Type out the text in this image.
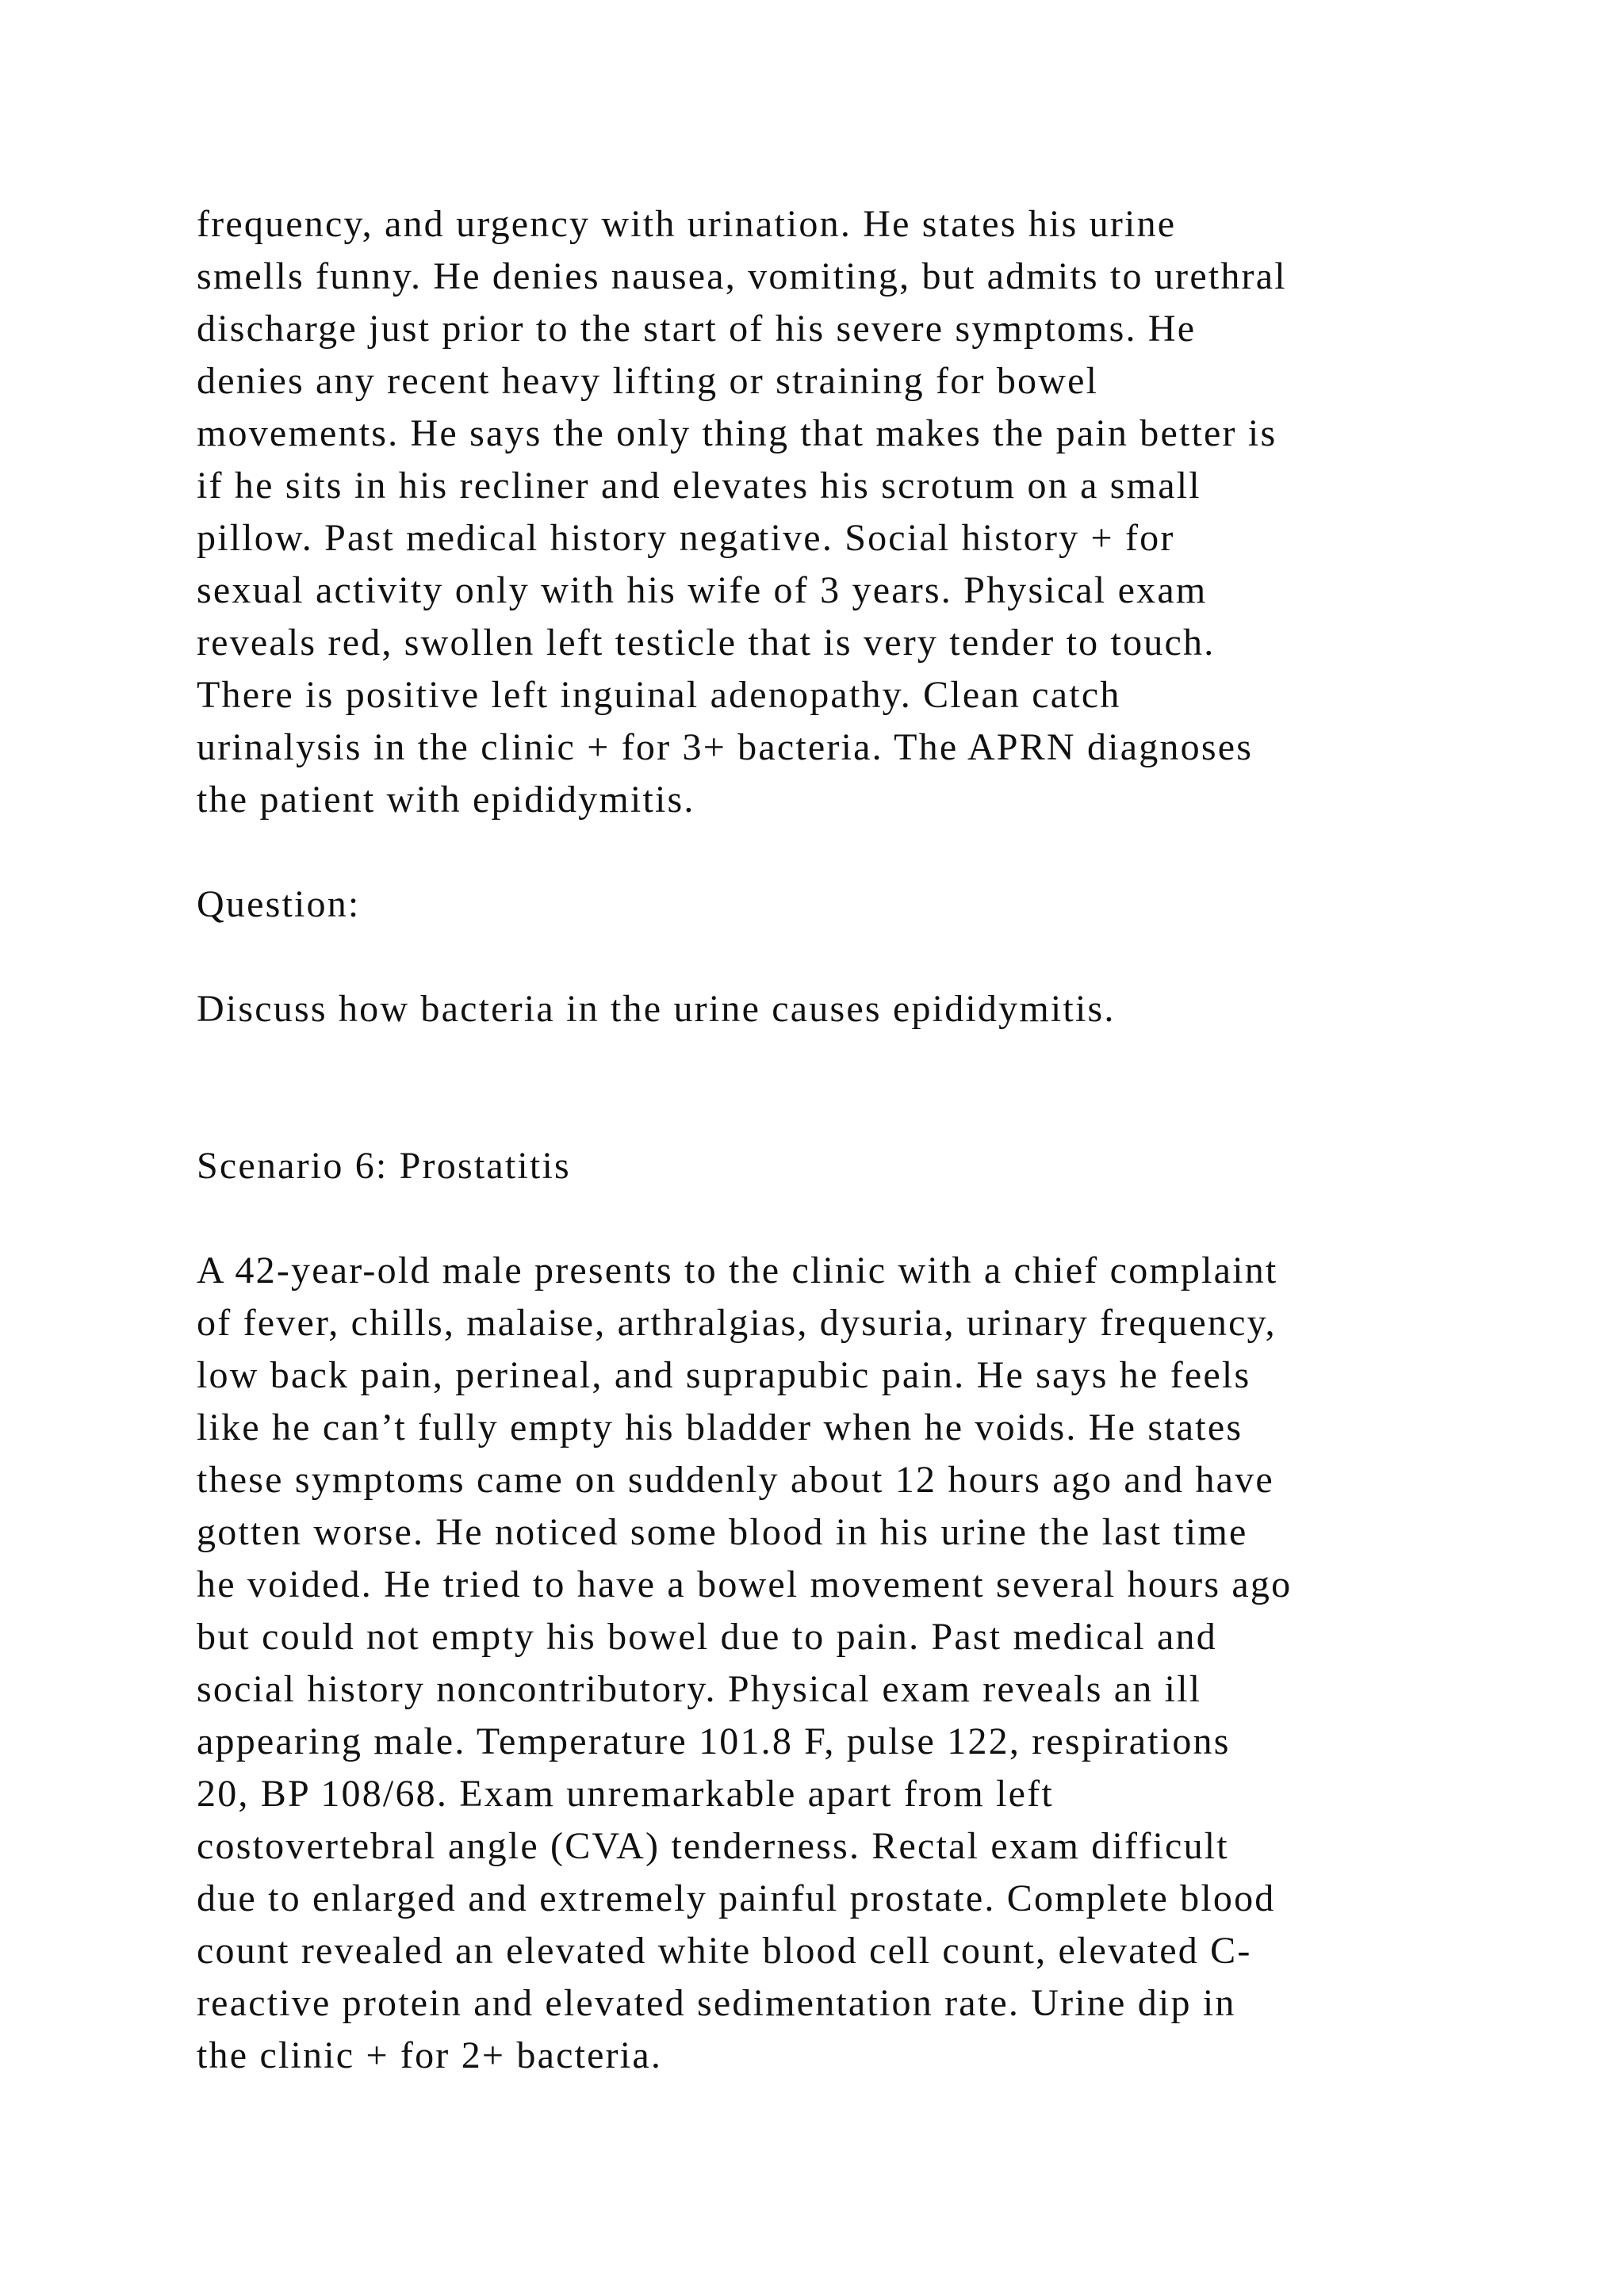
frequency, and urgency with urination. He states his urine

smells funny. He denies nausea, vomiting, but admits to urethral

discharge just prior to the start of his severe symptoms. He

denies any recent heavy lifting or straining for bowel

movements. He says the only thing that makes the pain better is

if he sits in his recliner and elevates his scrotum on a small

pillow. Past medical history negative. Social history + for

sexual activity only with his wife of 3 years. Physical exam

reveals red, swollen left testicle that is very tender to touch.

There is positive left inguinal adenopathy. Clean catch

urinalysis in the clinic + for 3+ bacteria. The APRN diagnoses

the patient with epididymitis.

Question:

Discuss how bacteria in the urine causes epididymitis.

Scenario 6: Prostatitis

A 42-year-old male presents to the clinic with a chief complaint

of fever, chills, malaise, arthralgias, dysuria, urinary frequency,

low back pain, perineal, and suprapubic pain. He says he feels

like he can’t fully empty his bladder when he voids. He states

these symptoms came on suddenly about 12 hours ago and have

gotten worse. He noticed some blood in his urine the last time

he voided. He tried to have a bowel movement several hours ago

but could not empty his bowel due to pain. Past medical and

social history noncontributory. Physical exam reveals an ill

appearing male. Temperature 101.8 F, pulse 122, respirations

20, BP 108/68. Exam unremarkable apart from left

costovertebral angle (CVA) tenderness. Rectal exam difficult

due to enlarged and extremely painful prostate. Complete blood

count revealed an elevated white blood cell count, elevated C-

reactive protein and elevated sedimentation rate. Urine dip in

the clinic + for 2+ bacteria.
